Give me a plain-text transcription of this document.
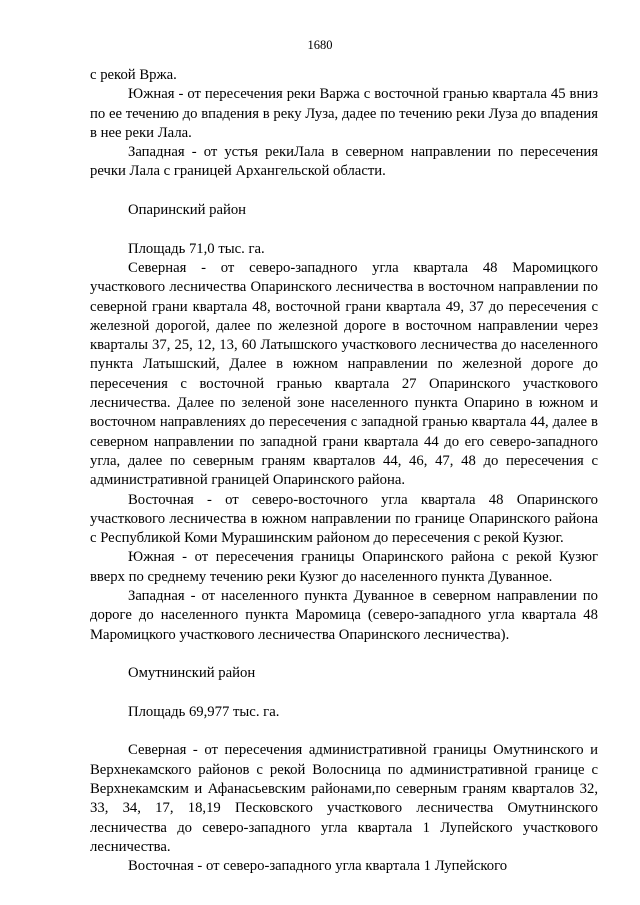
1680

с рекой Вржа.

Южная - от пересечения реки Варжа с восточной гранью квартала 45 вниз по ее течению до впадения в реку Луза, дадее по течению реки Луза до впадения в нее реки Лала.

Западная - от устья рекиЛала в северном направлении по пересечения речки Лала с границей Архангельской области.

Опаринский район

Площадь 71,0 тыс. га.

Северная - от северо-западного угла квартала 48 Маромицкого участкового лесничества Опаринского лесничества в восточном направлении по северной грани квартала 48, восточной грани квартала 49, 37 до пересечения с железной дорогой, далее по железной дороге в восточном направлении через кварталы 37, 25, 12, 13, 60 Латышского участкового лесничества до населенного пункта Латышский, Далее в южном направлении по железной дороге до пересечения с восточной гранью квартала 27 Опаринского участкового лесничества. Далее по зеленой зоне населенного пункта Опарино в южном и восточном направлениях до пересечения с западной гранью квартала 44, далее в северном направлении по западной грани квартала 44 до его северо-западного угла, далее по северным граням кварталов 44, 46, 47, 48 до пересечения с административной границей Опаринского района.

Восточная - от северо-восточного угла квартала 48 Опаринского участкового лесничества в южном направлении по границе Опаринского района с Республикой Коми Мурашинским районом до пересечения с рекой Кузюг.

Южная - от пересечения границы Опаринского района с рекой Кузюг вверх по среднему течению реки Кузюг до населенного пункта Дуванное.

Западная - от населенного пункта Дуванное в северном направлении по дороге до населенного пункта Маромица (северо-западного угла квартала 48 Маромицкого участкового лесничества Опаринского лесничества).

Омутнинский район

Площадь 69,977 тыс. га.

Северная - от пересечения административной границы Омутнинского и Верхнекамского районов с рекой Волосница по административной границе с Верхнекамским и Афанасьевским районами,по северным граням кварталов 32, 33, 34, 17, 18,19 Песковского участкового лесничества Омутнинского лесничества до северо-западного угла квартала 1 Лупейского участкового лесничества.

Восточная - от северо-западного угла квартала 1 Лупейского
